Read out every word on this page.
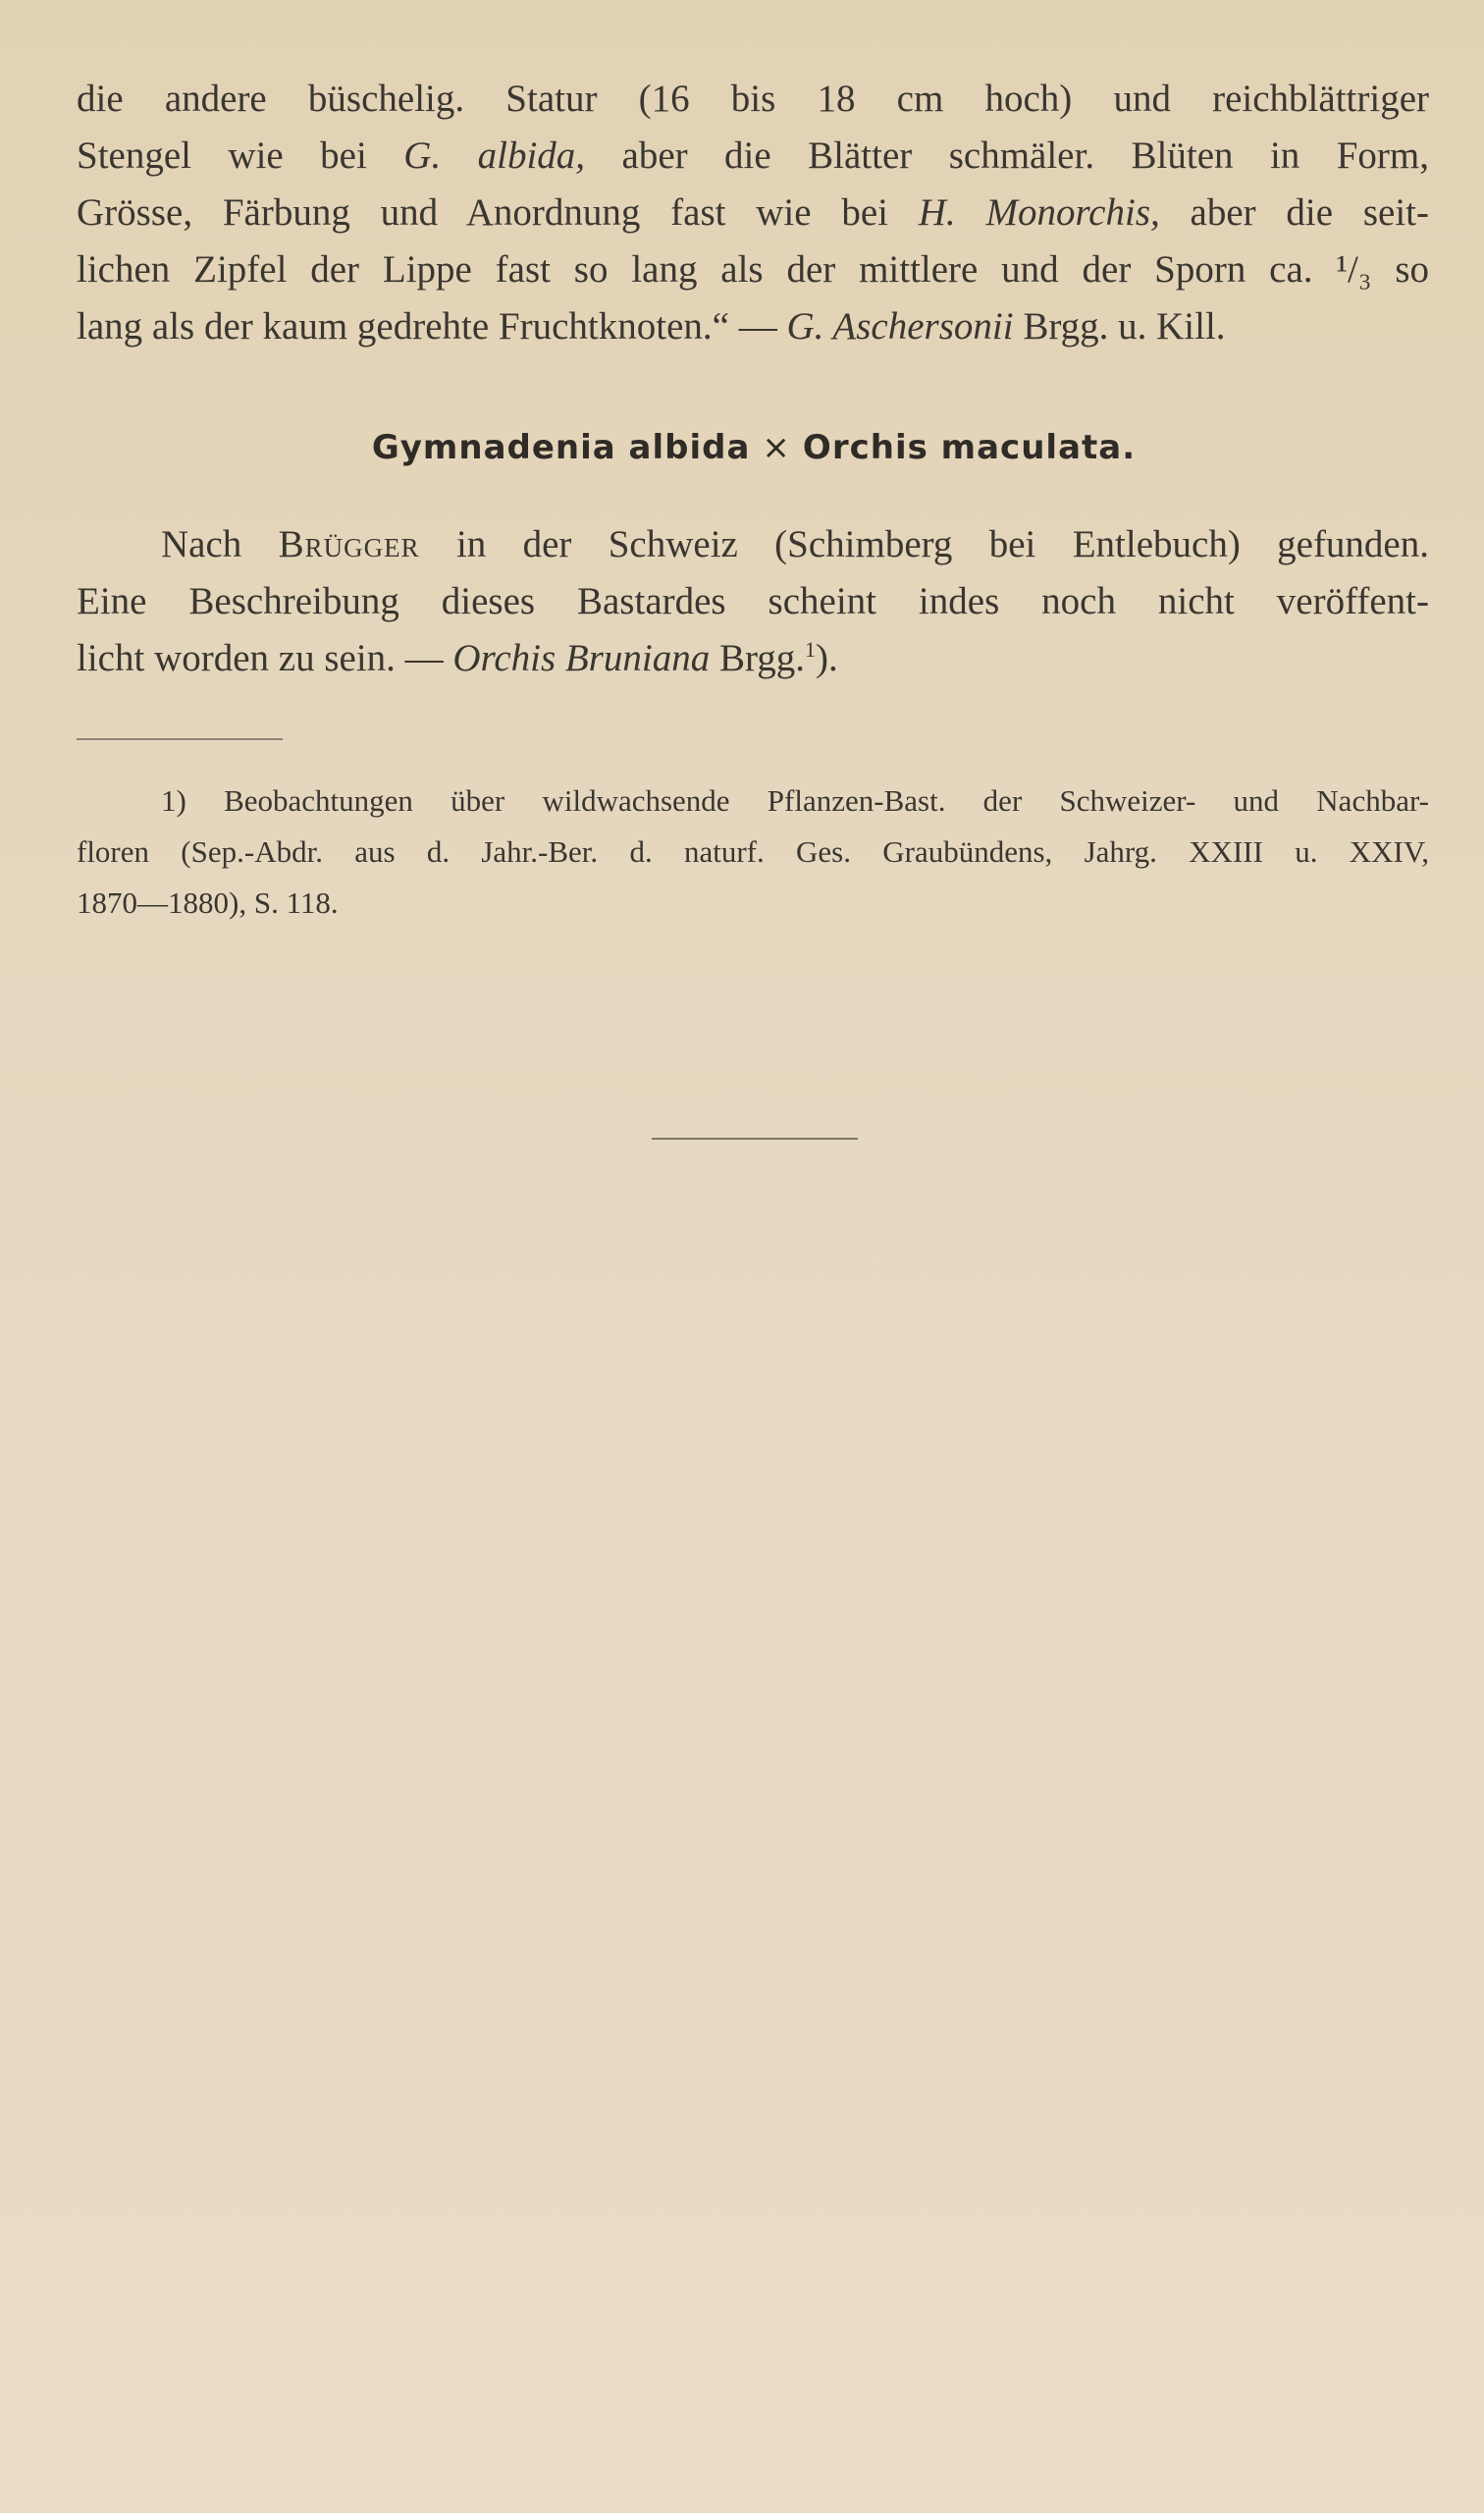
die andere büschelig. Statur (16 bis 18 cm hoch) und reichblättriger
Stengel wie bei G. albida, aber die Blätter schmäler. Blüten in Form,
Grösse, Färbung und Anordnung fast wie bei H. Monorchis, aber die seit-
lichen Zipfel der Lippe fast so lang als der mittlere und der Sporn ca. ¹/₃ so
lang als der kaum gedrehte Fruchtknoten.“ — G. Aschersonii Brgg. u. Kill.
Gymnadenia albida × Orchis maculata.
Nach Brügger in der Schweiz (Schimberg bei Entlebuch) gefunden.
Eine Beschreibung dieses Bastardes scheint indes noch nicht veröffent-
licht worden zu sein. — Orchis Bruniana Brgg.$^1$).
1) Beobachtungen über wildwachsende Pflanzen-Bast. der Schweizer- und Nachbar-
floren (Sep.-Abdr. aus d. Jahr.-Ber. d. naturf. Ges. Graubündens, Jahrg. XXIII u. XXIV,
1870—1880), S. 118.
